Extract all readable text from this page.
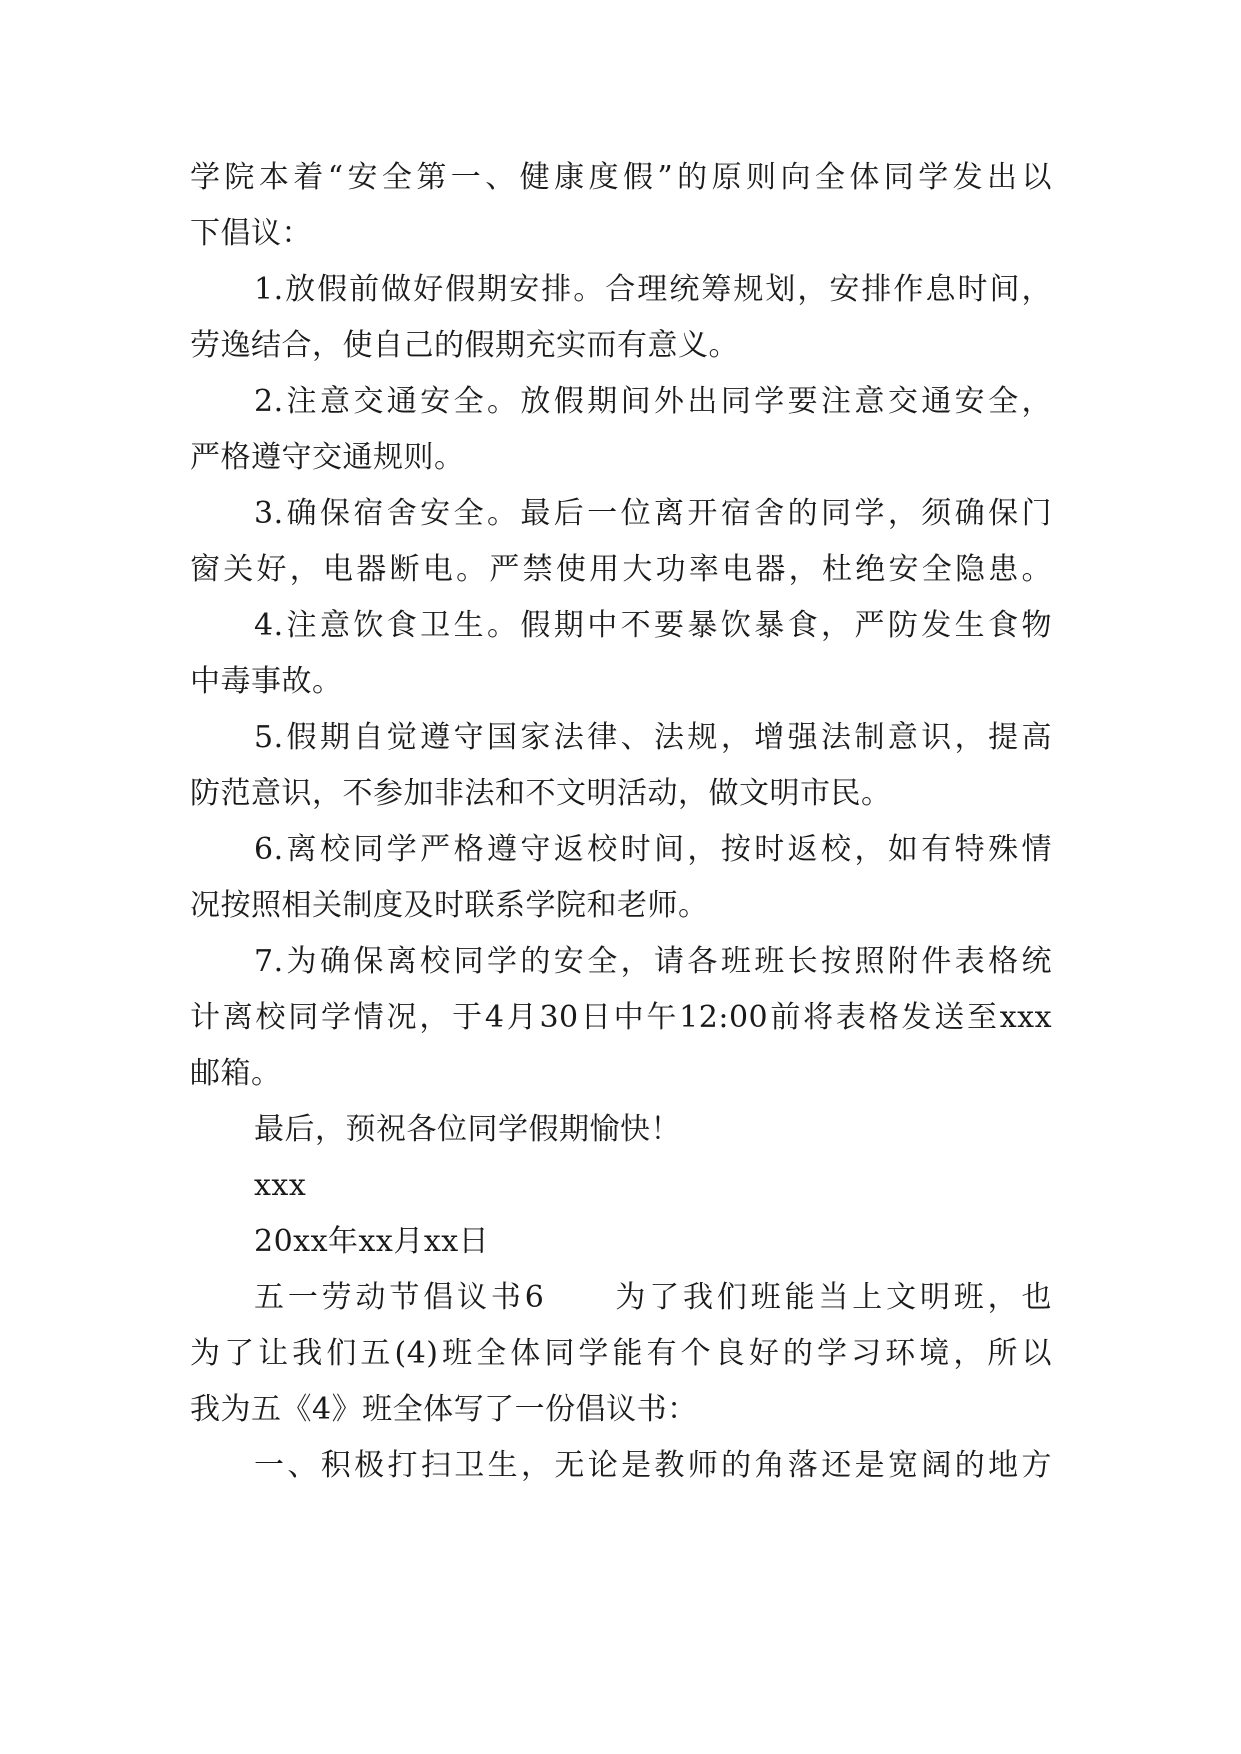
学院本着“安全第一、健康度假”的原则向全体同学发出以
下倡议：
1.放假前做好假期安排。合理统筹规划，安排作息时间，
劳逸结合，使自己的假期充实而有意义。
2.注意交通安全。放假期间外出同学要注意交通安全，
严格遵守交通规则。
3.确保宿舍安全。最后一位离开宿舍的同学，须确保门
窗关好，电器断电。严禁使用大功率电器，杜绝安全隐患。
4.注意饮食卫生。假期中不要暴饮暴食，严防发生食物
中毒事故。
5.假期自觉遵守国家法律、法规，增强法制意识，提高
防范意识，不参加非法和不文明活动，做文明市民。
6.离校同学严格遵守返校时间，按时返校，如有特殊情
况按照相关制度及时联系学院和老师。
7.为确保离校同学的安全，请各班班长按照附件表格统
计离校同学情况，于4月30日中午12:00前将表格发送至xxx
邮箱。
最后，预祝各位同学假期愉快！
xxx
20xx年xx月xx日
五一劳动节倡议书6　　为了我们班能当上文明班，也
为了让我们五(4)班全体同学能有个良好的学习环境，所以
我为五《4》班全体写了一份倡议书：
一、积极打扫卫生，无论是教师的角落还是宽阔的地方
